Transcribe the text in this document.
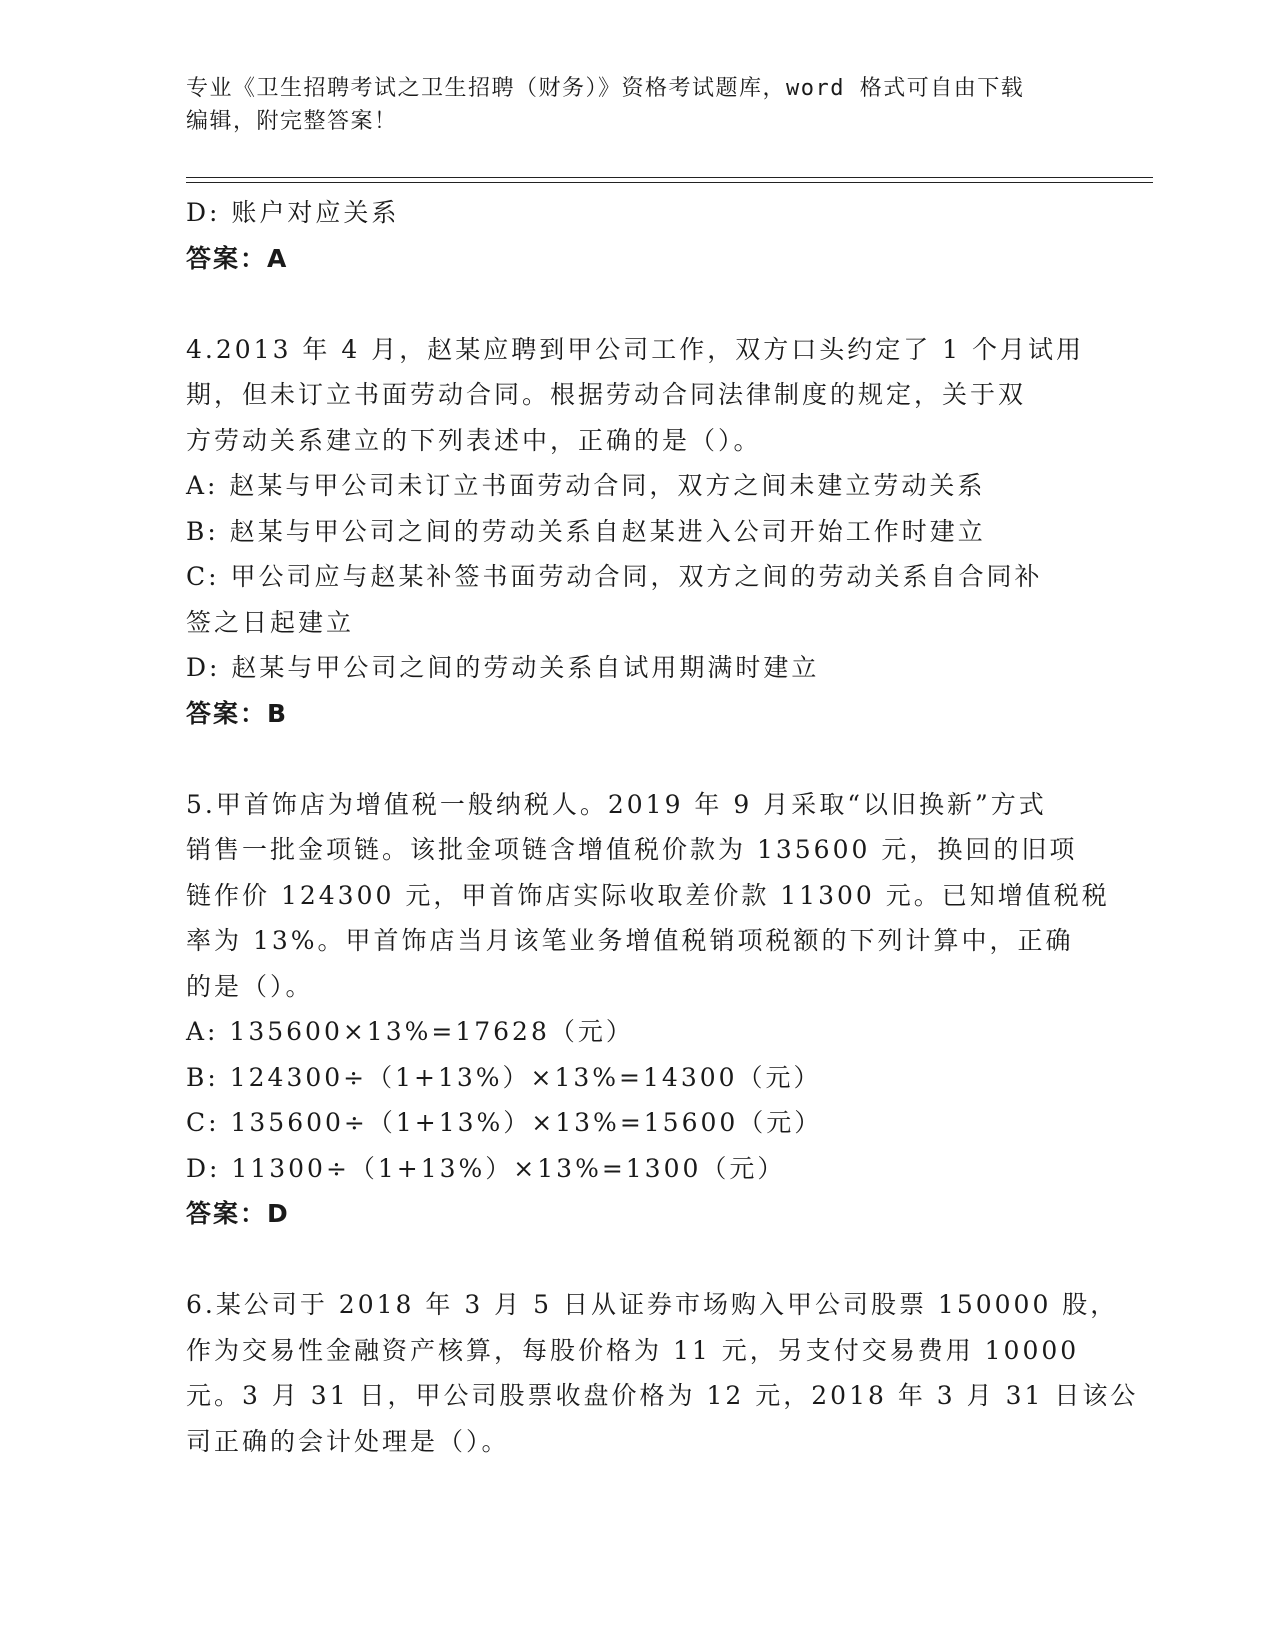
专业《卫生招聘考试之卫生招聘（财务）》资格考试题库，word 格式可自由下载
编辑，附完整答案！

D: 账户对应关系

答案：A

4.2013 年 4 月，赵某应聘到甲公司工作，双方口头约定了 1 个月试用

期，但未订立书面劳动合同。根据劳动合同法律制度的规定，关于双

方劳动关系建立的下列表述中，正确的是（）。

A: 赵某与甲公司未订立书面劳动合同，双方之间未建立劳动关系

B: 赵某与甲公司之间的劳动关系自赵某进入公司开始工作时建立

C: 甲公司应与赵某补签书面劳动合同，双方之间的劳动关系自合同补

签之日起建立

D: 赵某与甲公司之间的劳动关系自试用期满时建立

答案：B

5.甲首饰店为增值税一般纳税人。2019 年 9 月采取“以旧换新”方式

销售一批金项链。该批金项链含增值税价款为 135600 元，换回的旧项

链作价 124300 元，甲首饰店实际收取差价款 11300 元。已知增值税税

率为 13%。甲首饰店当月该笔业务增值税销项税额的下列计算中，正确

的是（）。

A: 135600×13%=17628（元）

B: 124300÷（1+13%）×13%=14300（元）

C: 135600÷（1+13%）×13%=15600（元）

D: 11300÷（1+13%）×13%=1300（元）

答案：D

6.某公司于 2018 年 3 月 5 日从证券市场购入甲公司股票 150000 股，

作为交易性金融资产核算，每股价格为 11 元，另支付交易费用 10000

元。3 月 31 日，甲公司股票收盘价格为 12 元，2018 年 3 月 31 日该公

司正确的会计处理是（）。
